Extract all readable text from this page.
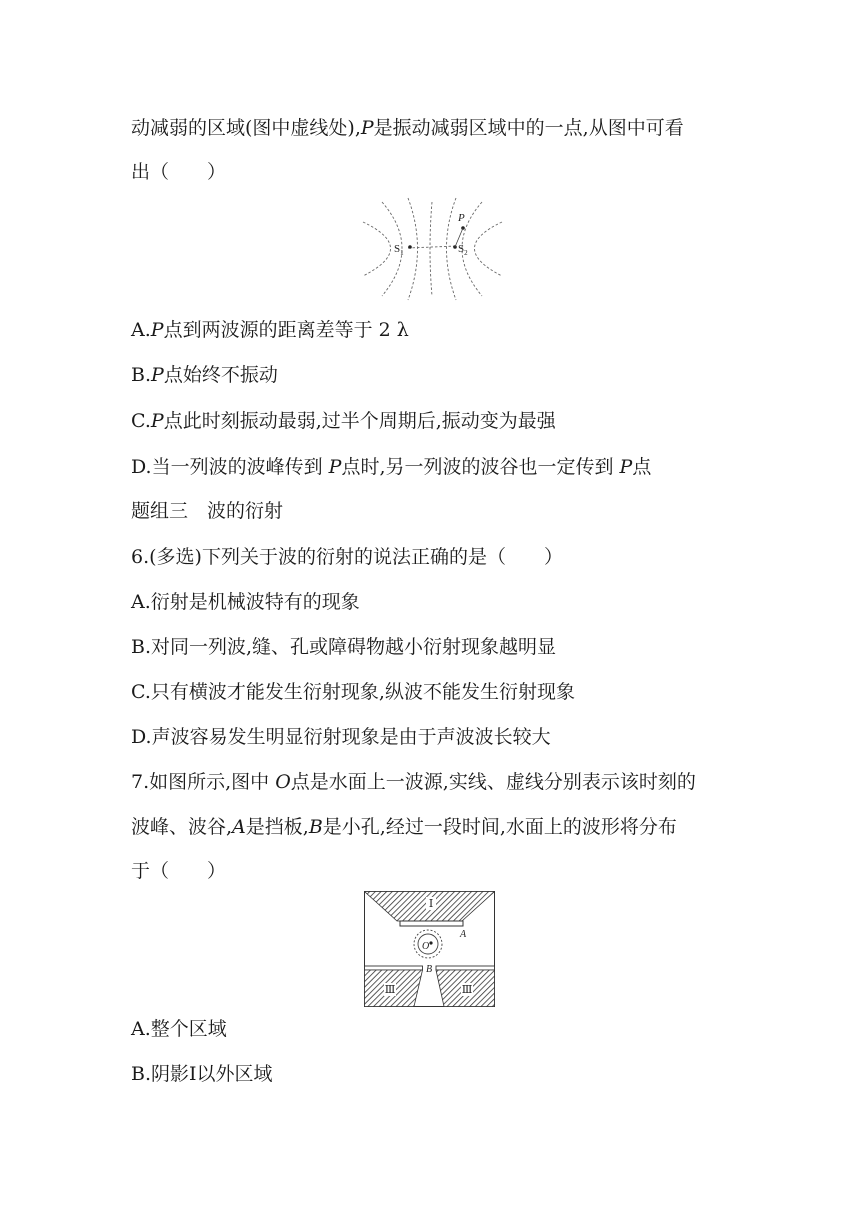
动减弱的区域(图中虚线处),P是振动减弱区域中的一点,从图中可看
出（　　）
P
$S_1$	$S_2$
A.P点到两波源的距离差等于 2 λ
B.P点始终不振动
C.P点此时刻振动最弱,过半个周期后,振动变为最强
D.当一列波的波峰传到 P点时,另一列波的波谷也一定传到 P点
题组三　波的衍射
6.(多选)下列关于波的衍射的说法正确的是（　　）
A.衍射是机械波特有的现象
B.对同一列波,缝、孔或障碍物越小衍射现象越明显
C.只有横波才能发生衍射现象,纵波不能发生衍射现象
D.声波容易发生明显衍射现象是由于声波波长较大
7.如图所示,图中 O点是水面上一波源,实线、虚线分别表示该时刻的
波峰、波谷,A是挡板,B是小孔,经过一段时间,水面上的波形将分布
于（　　）
Ⅰ
A
O
B
Ⅲ	Ⅲ
A.整个区域
B.阴影Ⅰ以外区域
